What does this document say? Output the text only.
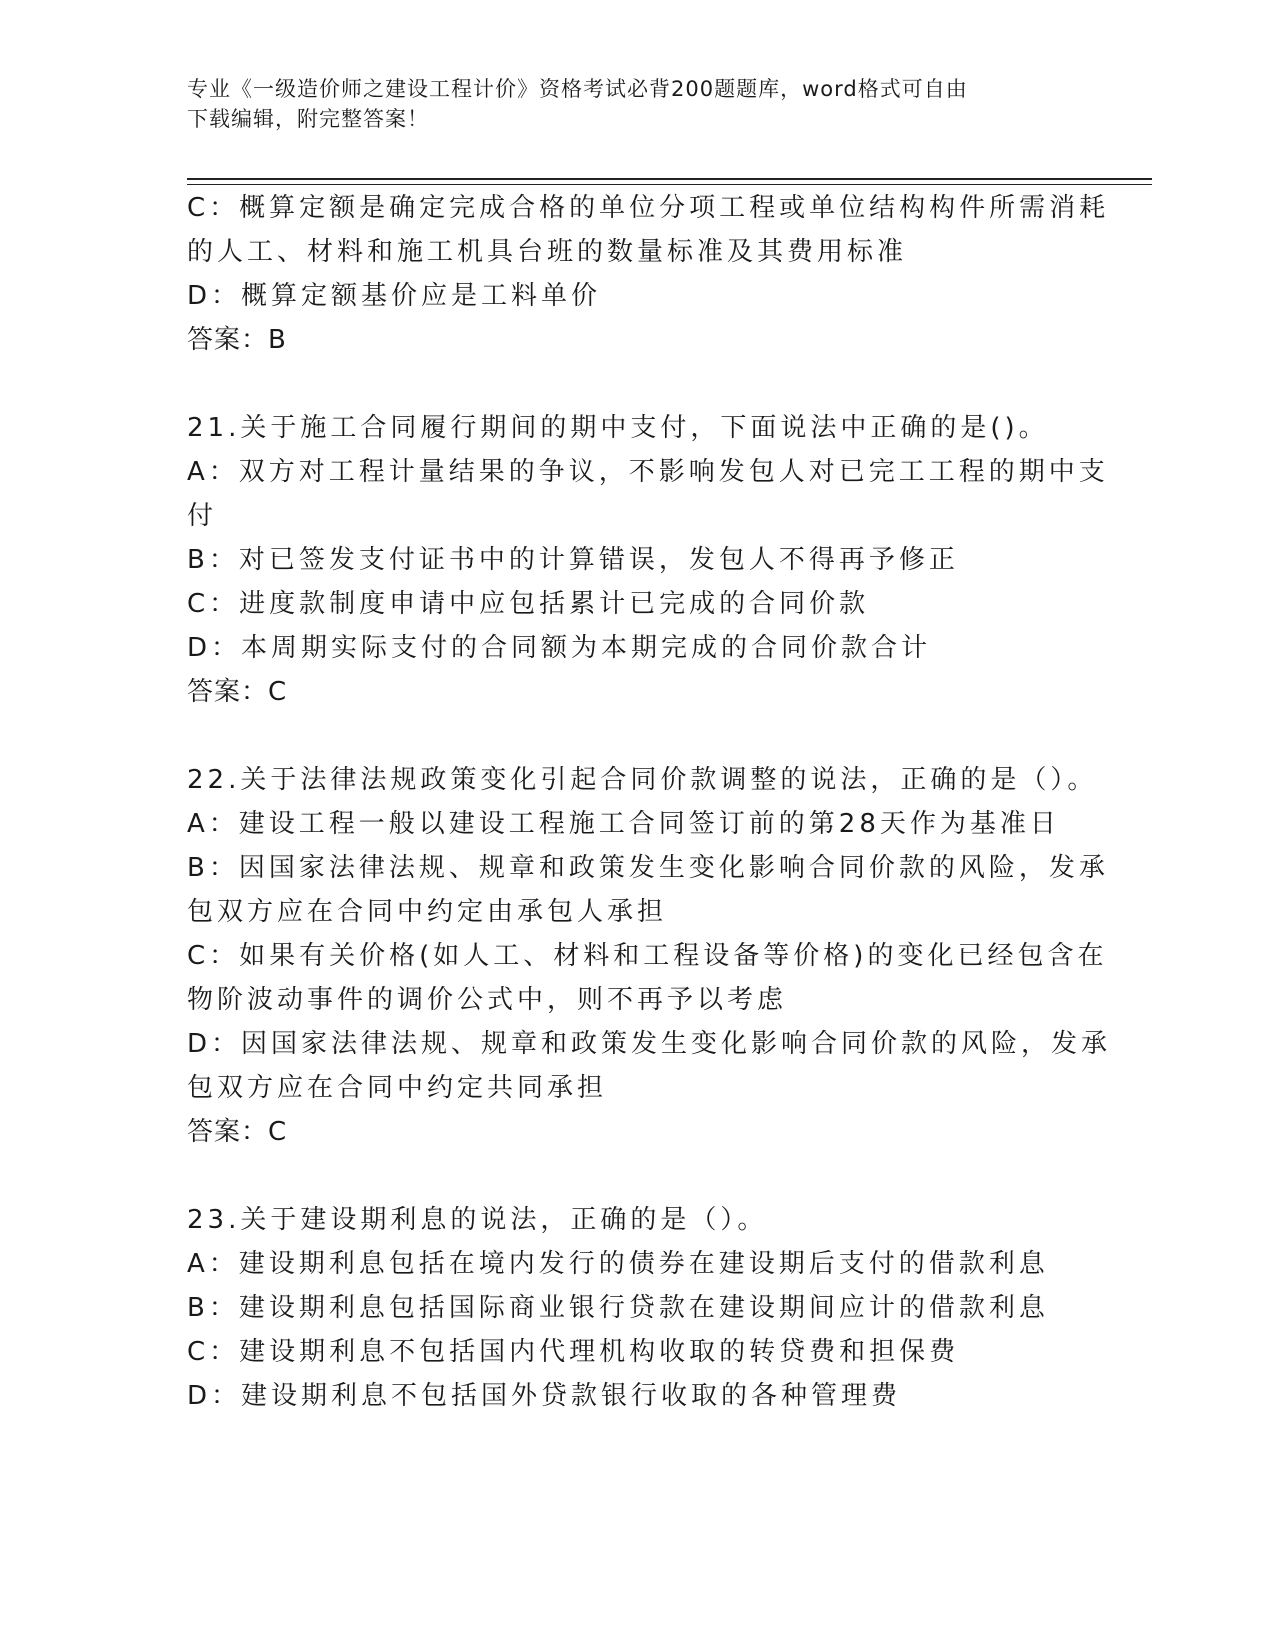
专业《一级造价师之建设工程计价》资格考试必背200题题库，word格式可自由
下载编辑，附完整答案！
C：概算定额是确定完成合格的单位分项工程或单位结构构件所需消耗
的人工、材料和施工机具台班的数量标准及其费用标准
D：概算定额基价应是工料单价
答案：B
21.关于施工合同履行期间的期中支付，下面说法中正确的是()。
A：双方对工程计量结果的争议，不影响发包人对已完工工程的期中支
付
B：对已签发支付证书中的计算错误，发包人不得再予修正
C：进度款制度申请中应包括累计已完成的合同价款
D：本周期实际支付的合同额为本期完成的合同价款合计
答案：C
22.关于法律法规政策变化引起合同价款调整的说法，正确的是（）。
A：建设工程一般以建设工程施工合同签订前的第28天作为基准日
B：因国家法律法规、规章和政策发生变化影响合同价款的风险，发承
包双方应在合同中约定由承包人承担
C：如果有关价格(如人工、材料和工程设备等价格)的变化已经包含在
物阶波动事件的调价公式中，则不再予以考虑
D：因国家法律法规、规章和政策发生变化影响合同价款的风险，发承
包双方应在合同中约定共同承担
答案：C
23.关于建设期利息的说法，正确的是（）。
A：建设期利息包括在境内发行的债券在建设期后支付的借款利息
B：建设期利息包括国际商业银行贷款在建设期间应计的借款利息
C：建设期利息不包括国内代理机构收取的转贷费和担保费
D：建设期利息不包括国外贷款银行收取的各种管理费
